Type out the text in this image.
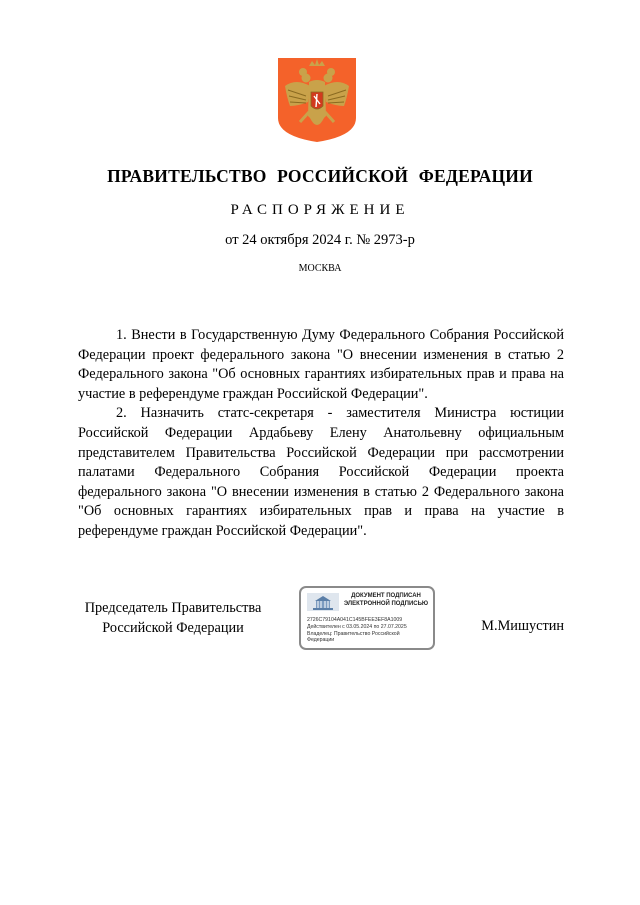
ПРАВИТЕЛЬСТВО РОССИЙСКОЙ ФЕДЕРАЦИИ
РАСПОРЯЖЕНИЕ
от 24 октября 2024 г. № 2973-р
МОСКВА

1. Внести в Государственную Думу Федерального Собрания Российской Федерации проект федерального закона "О внесении изменения в статью 2 Федерального закона "Об основных гарантиях избирательных прав и права на участие в референдуме граждан Российской Федерации".

2. Назначить статс-секретаря - заместителя Министра юстиции Российской Федерации Ардабьеву Елену Анатольевну официальным представителем Правительства Российской Федерации при рассмотрении палатами Федерального Собрания Российской Федерации проекта федерального закона "О внесении изменения в статью 2 Федерального закона "Об основных гарантиях избирательных прав и права на участие в референдуме граждан Российской Федерации".

Председатель Правительства
Российской Федерации
ДОКУМЕНТ ПОДПИСАН
ЭЛЕКТРОННОЙ ПОДПИСЬЮ
2726C79104A041C145BFEE3EF8A1009
Действителен с 03.05.2024 по 27.07.2025
Владелец: Правительство Российской
Федерации
М.Мишустин
